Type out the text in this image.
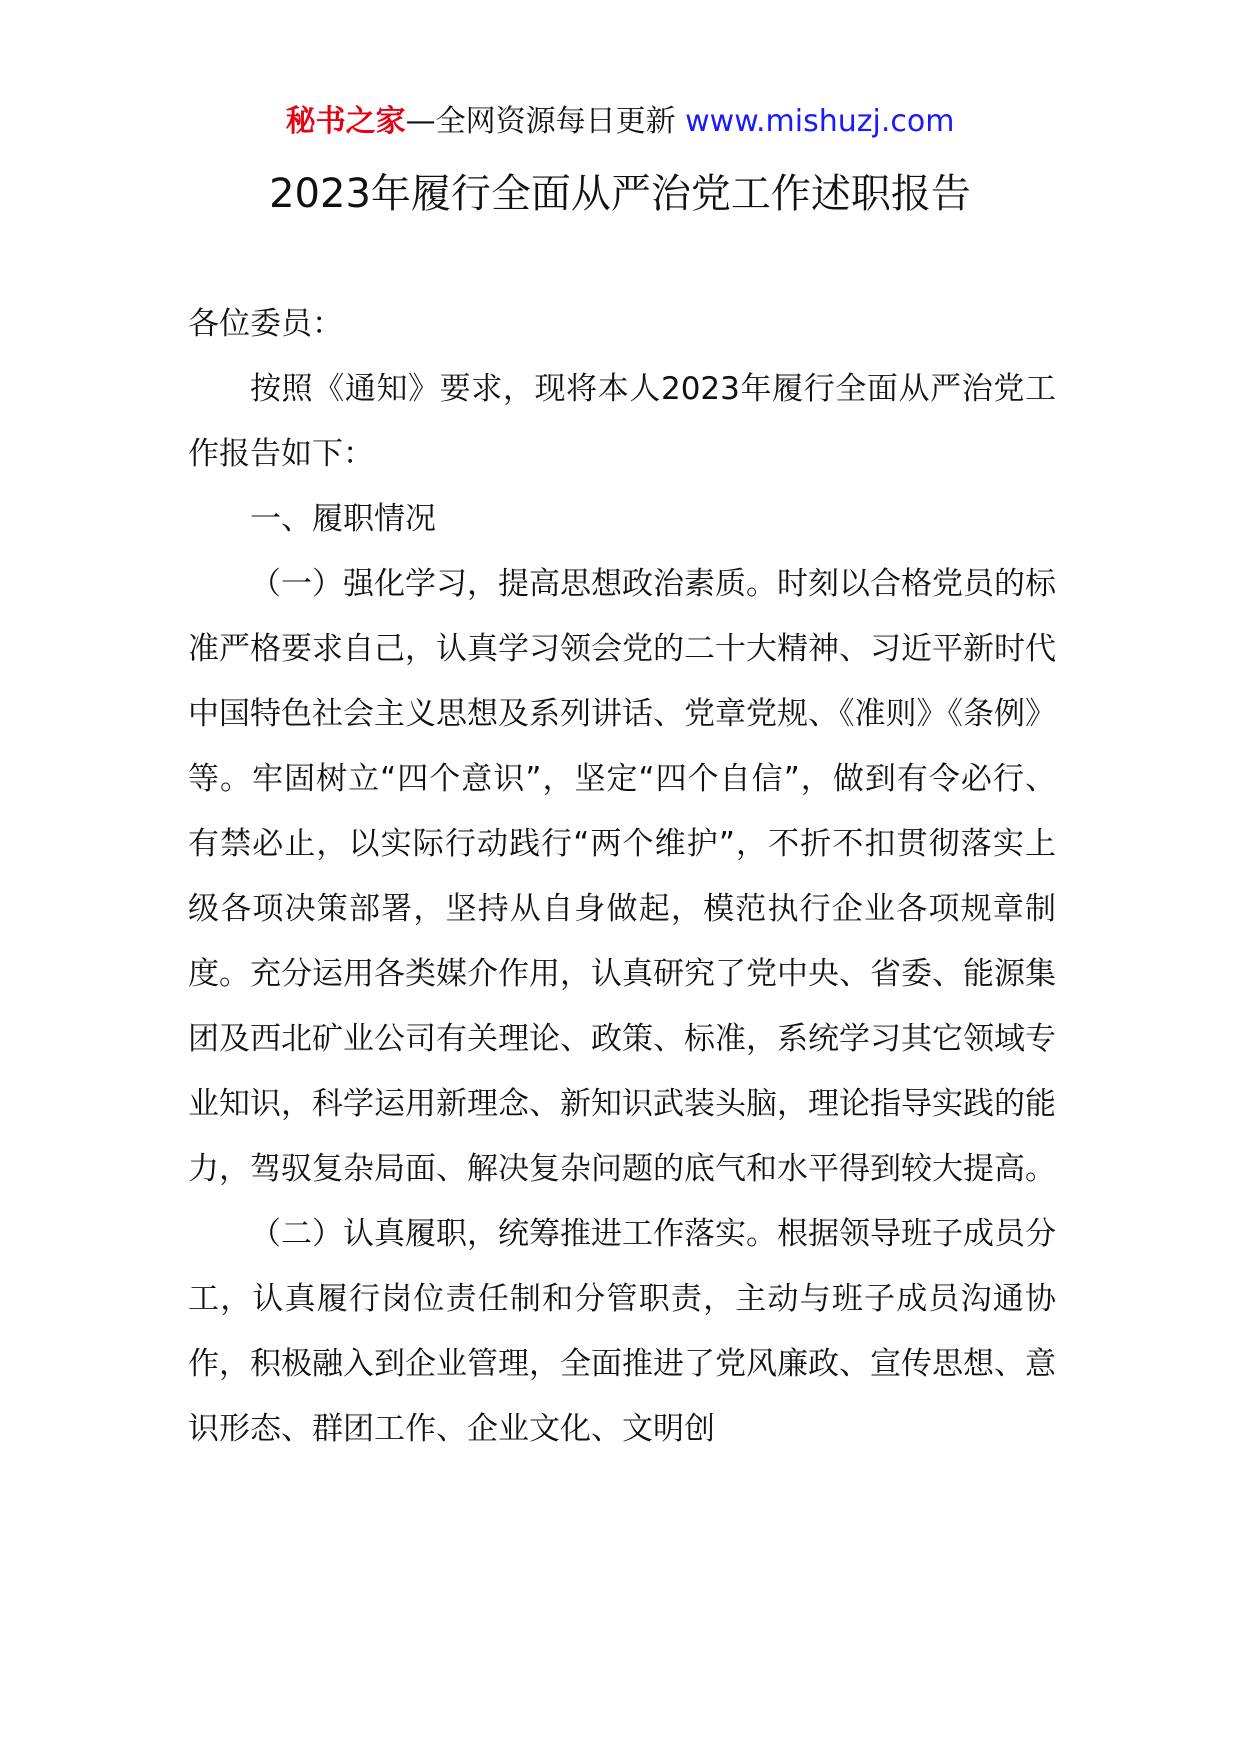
秘书之家—全网资源每日更新 www.mishuzj.com
2023年履行全面从严治党工作述职报告

各位委员：

按照《通知》要求，现将本人2023年履行全面从严治党工作报告如下：

一、履职情况

（一）强化学习，提高思想政治素质。时刻以合格党员的标准严格要求自己，认真学习领会党的二十大精神、习近平新时代中国特色社会主义思想及系列讲话、党章党规、《准则》《条例》等。牢固树立“四个意识”，坚定“四个自信”，做到有令必行、有禁必止，以实际行动践行“两个维护”，不折不扣贯彻落实上级各项决策部署，坚持从自身做起，模范执行企业各项规章制度。充分运用各类媒介作用，认真研究了党中央、省委、能源集团及西北矿业公司有关理论、政策、标准，系统学习其它领域专业知识，科学运用新理念、新知识武装头脑，理论指导实践的能力，驾驭复杂局面、解决复杂问题的底气和水平得到较大提高。

（二）认真履职，统筹推进工作落实。根据领导班子成员分工，认真履行岗位责任制和分管职责，主动与班子成员沟通协作，积极融入到企业管理，全面推进了党风廉政、宣传思想、意识形态、群团工作、企业文化、文明创
